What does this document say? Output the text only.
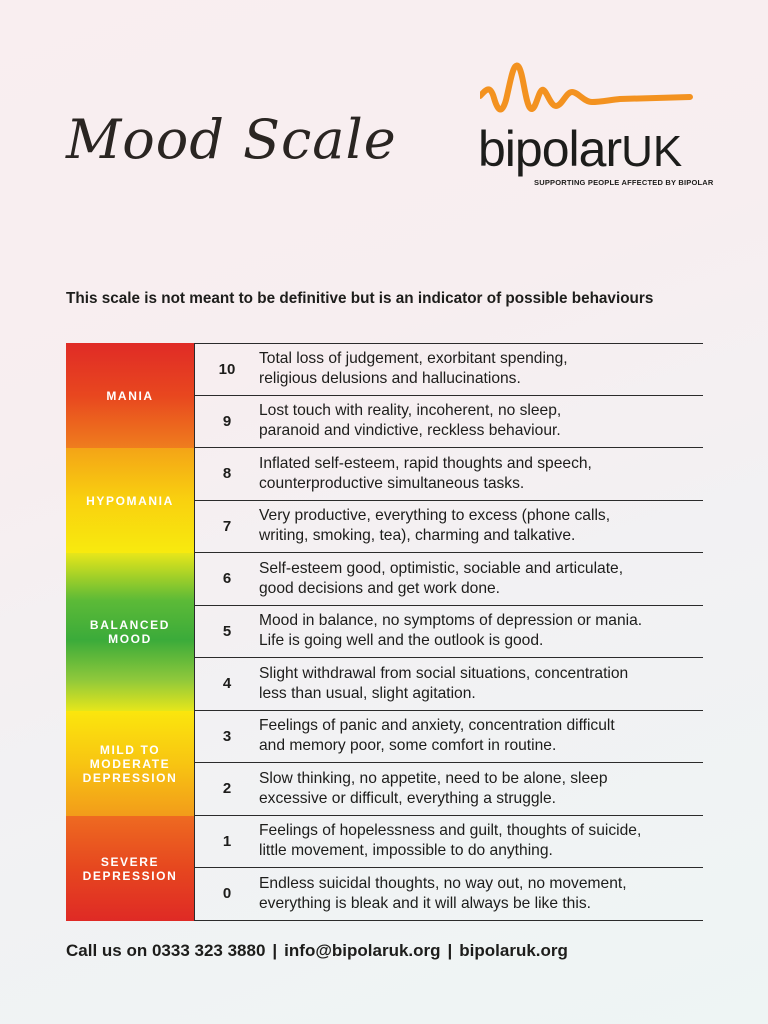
Mood Scale bipolarUK
SUPPORTING PEOPLE AFFECTED BY BIPOLAR
This scale is not meant to be definitive but is an indicator of possible behaviours
MANIA
HYPOMANIA
BALANCED MOOD
MILD TO MODERATE DEPRESSION
SEVERE DEPRESSION
10
Total loss of judgement, exorbitant spending,
religious delusions and hallucinations.
9
Lost touch with reality, incoherent, no sleep,
paranoid and vindictive, reckless behaviour.
8
Inflated self-esteem, rapid thoughts and speech,
counterproductive simultaneous tasks.
7
Very productive, everything to excess (phone calls,
writing, smoking, tea), charming and talkative.
6
Self-esteem good, optimistic, sociable and articulate,
good decisions and get work done.
5
Mood in balance, no symptoms of depression or mania.
Life is going well and the outlook is good.
4
Slight withdrawal from social situations, concentration
less than usual, slight agitation.
3
Feelings of panic and anxiety, concentration difficult
and memory poor, some comfort in routine.
2
Slow thinking, no appetite, need to be alone, sleep
excessive or difficult, everything a struggle.
1
Feelings of hopelessness and guilt, thoughts of suicide,
little movement, impossible to do anything.
0
Endless suicidal thoughts, no way out, no movement,
everything is bleak and it will always be like this.
Call us on 0333 323 3880 | info@bipolaruk.org | bipolaruk.org
